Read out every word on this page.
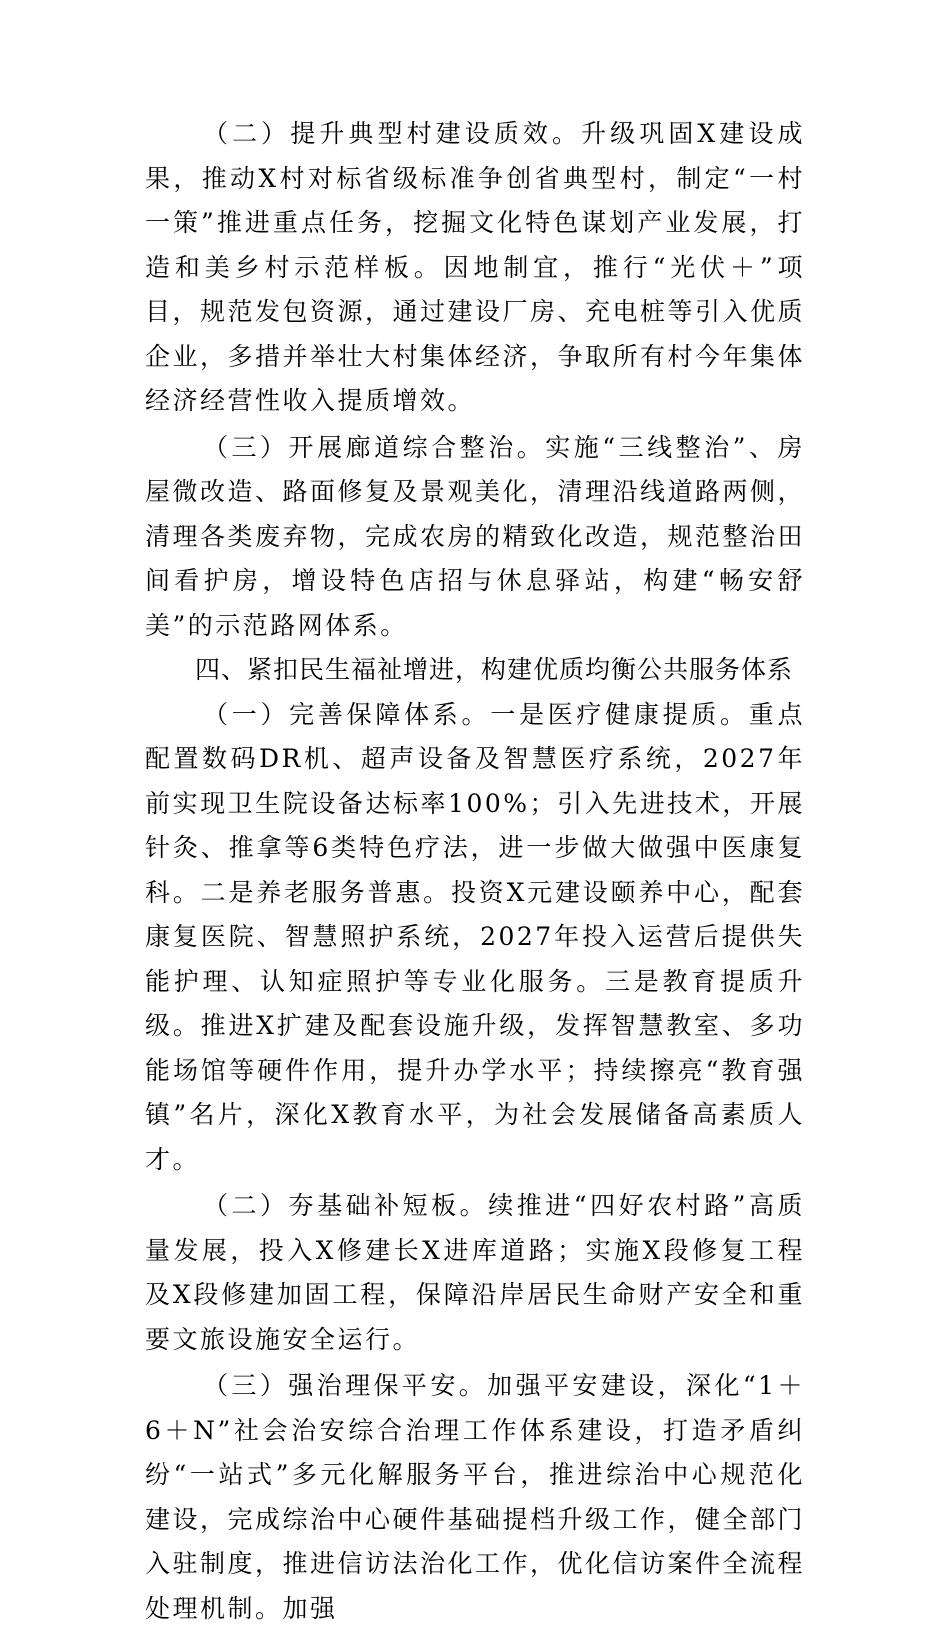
（二）提升典型村建设质效。升级巩固X建设成果，推动X村对标省级标准争创省典型村，制定“一村一策”推进重点任务，挖掘文化特色谋划产业发展，打造和美乡村示范样板。因地制宜，推行“光伏＋”项目，规范发包资源，通过建设厂房、充电桩等引入优质企业，多措并举壮大村集体经济，争取所有村今年集体经济经营性收入提质增效。

（三）开展廊道综合整治。实施“三线整治”、房屋微改造、路面修复及景观美化，清理沿线道路两侧，清理各类废弃物，完成农房的精致化改造，规范整治田间看护房，增设特色店招与休息驿站，构建“畅安舒美”的示范路网体系。

四、紧扣民生福祉增进，构建优质均衡公共服务体系

（一）完善保障体系。一是医疗健康提质。重点配置数码DR机、超声设备及智慧医疗系统，2027年前实现卫生院设备达标率100%；引入先进技术，开展针灸、推拿等6类特色疗法，进一步做大做强中医康复科。二是养老服务普惠。投资X元建设颐养中心，配套康复医院、智慧照护系统，2027年投入运营后提供失能护理、认知症照护等专业化服务。三是教育提质升级。推进X扩建及配套设施升级，发挥智慧教室、多功能场馆等硬件作用，提升办学水平；持续擦亮“教育强镇”名片，深化X教育水平，为社会发展储备高素质人才。

（二）夯基础补短板。续推进“四好农村路”高质量发展，投入X修建长X进库道路；实施X段修复工程及X段修建加固工程，保障沿岸居民生命财产安全和重要文旅设施安全运行。

（三）强治理保平安。加强平安建设，深化“1＋6＋N”社会治安综合治理工作体系建设，打造矛盾纠纷“一站式”多元化解服务平台，推进综治中心规范化建设，完成综治中心硬件基础提档升级工作，健全部门入驻制度，推进信访法治化工作，优化信访案件全流程处理机制。加强
